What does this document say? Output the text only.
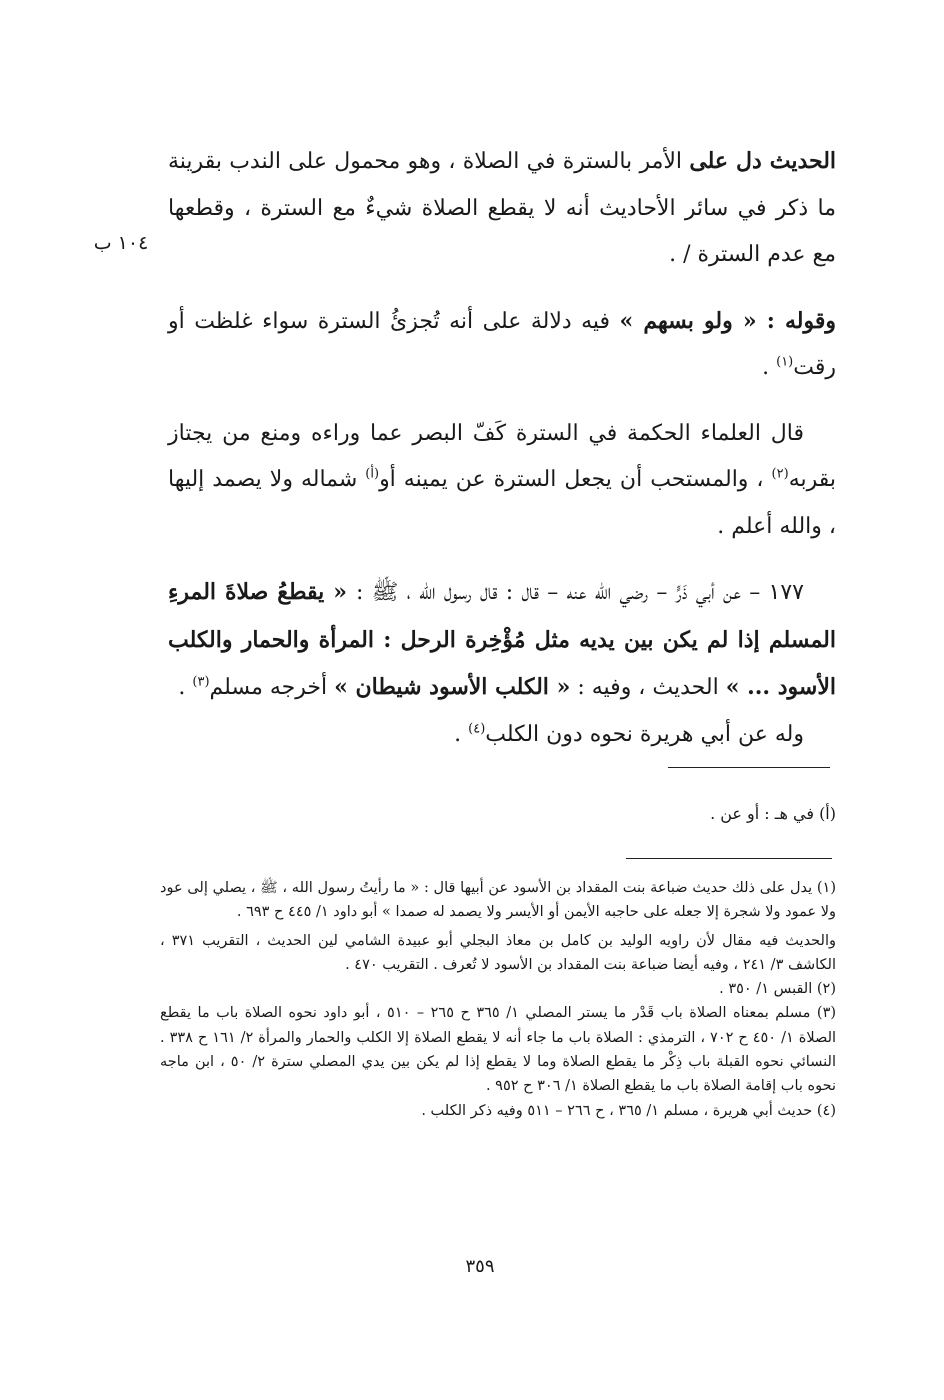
١٠٤ ب

الحديث دل على الأمر بالسترة في الصلاة ، وهو محمول على الندب بقرينة ما ذكر في سائر الأحاديث أنه لا يقطع الصلاة شيءٌ مع السترة ، وقطعها مع عدم السترة / .

وقوله : « ولو بسهم » فيه دلالة على أنه تُجزئُ السترة سواء غلظت أو رقت$^{(١)}$ .

قال العلماء الحكمة في السترة كَفّ البصر عما وراءه ومنع من يجتاز بقربه$^{(٢)}$ ، والمستحب أن يجعل السترة عن يمينه أو$^{(أ)}$ شماله ولا يصمد إليها ، والله أعلم .

١٧٧ – عن أبي ذَرٍّ – رضي الله عنه – قال : قال رسول الله ، ﷺ : « يقطعُ صلاةَ المرءِ المسلم إذا لم يكن بين يديه مثل مُؤْخِرة الرحل : المرأة والحمار والكلب الأسود ... » الحديث ، وفيه : « الكلب الأسود شيطان » أخرجه مسلم$^{(٣)}$ .

وله عن أبي هريرة نحوه دون الكلب$^{(٤)}$ .

(أ) في هـ : أو عن .

(١) يدل على ذلك حديث ضباعة بنت المقداد بن الأسود عن أبيها قال : « ما رأيتُ رسول الله ، ﷺ ، يصلي إلى عود ولا عمود ولا شجرة إلا جعله على حاجبه الأيمن أو الأيسر ولا يصمد له صمدا » أبو داود ١/ ٤٤٥ ح ٦٩٣ .

والحديث فيه مقال لأن راويه الوليد بن كامل بن معاذ البجلي أبو عبيدة الشامي لين الحديث ، التقريب ٣٧١ ، الكاشف ٣/ ٢٤١ ، وفيه أيضا ضباعة بنت المقداد بن الأسود لا تُعرف . التقريب ٤٧٠ .

(٢) القبس ١/ ٣٥٠ .

(٣) مسلم بمعناه الصلاة باب قَدْر ما يستر المصلي ١/ ٣٦٥ ح ٢٦٥ – ٥١٠ ، أبو داود نحوه الصلاة باب ما يقطع الصلاة ١/ ٤٥٠ ح ٧٠٢ ، الترمذي : الصلاة باب ما جاء أنه لا يقطع الصلاة إلا الكلب والحمار والمرأة ٢/ ١٦١ ح ٣٣٨ . النسائي نحوه القبلة باب ذِكْر ما يقطع الصلاة وما لا يقطع إذا لم يكن بين يدي المصلي سترة ٢/ ٥٠ ، ابن ماجه نحوه باب إقامة الصلاة باب ما يقطع الصلاة ١/ ٣٠٦ ح ٩٥٢ .

(٤) حديث أبي هريرة ، مسلم ١/ ٣٦٥ ، ح ٢٦٦ – ٥١١ وفيه ذكر الكلب .

٣٥٩
